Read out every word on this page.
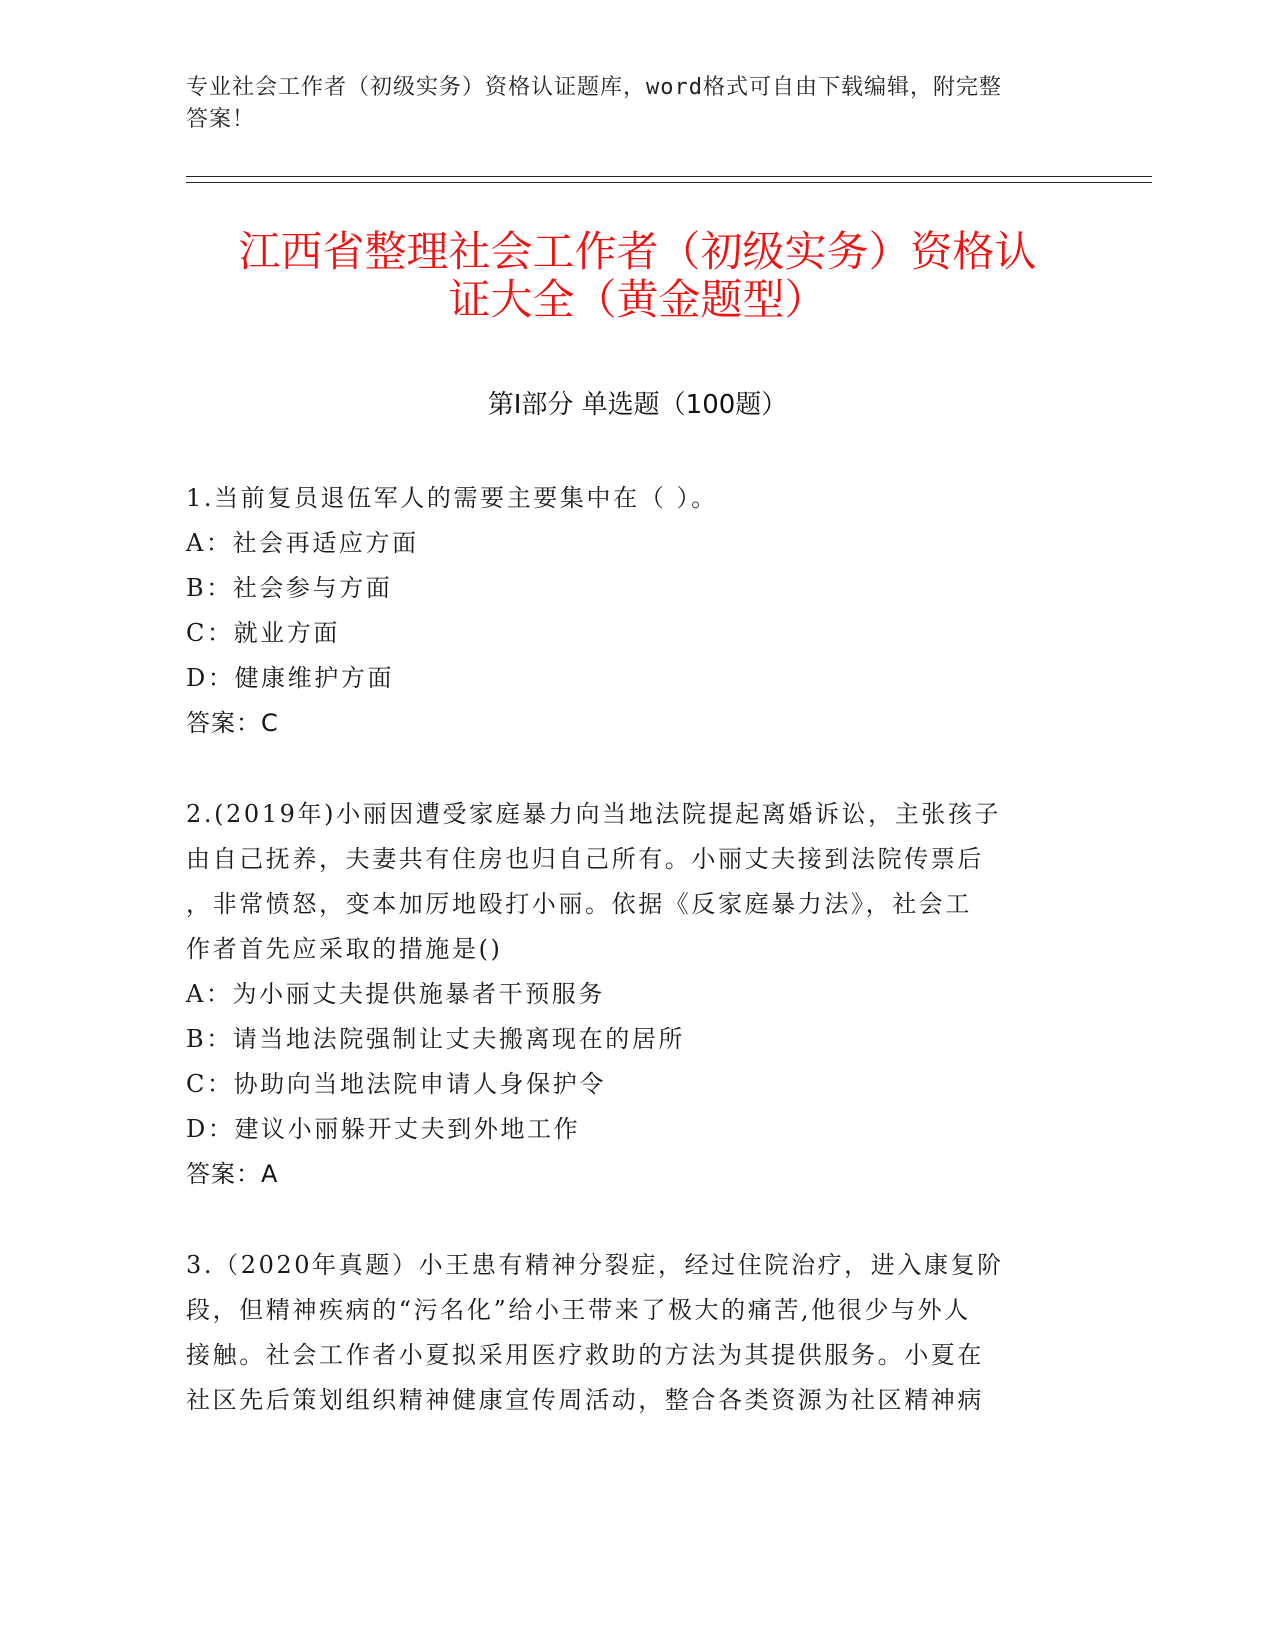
专业社会工作者（初级实务）资格认证题库，word格式可自由下载编辑，附完整
答案！
江西省整理社会工作者（初级实务）资格认
证大全（黄金题型）
第Ⅰ部分 单选题（100题）
1.当前复员退伍军人的需要主要集中在（ ）。
A：社会再适应方面
B：社会参与方面
C：就业方面
D：健康维护方面
答案：C
2.(2019年)小丽因遭受家庭暴力向当地法院提起离婚诉讼，主张孩子
由自己抚养，夫妻共有住房也归自己所有。小丽丈夫接到法院传票后
，非常愤怒，变本加厉地殴打小丽。依据《反家庭暴力法》，社会工
作者首先应采取的措施是()
A：为小丽丈夫提供施暴者干预服务
B：请当地法院强制让丈夫搬离现在的居所
C：协助向当地法院申请人身保护令
D：建议小丽躲开丈夫到外地工作
答案：A
3.（2020年真题）小王患有精神分裂症，经过住院治疗，进入康复阶
段，但精神疾病的“污名化”给小王带来了极大的痛苦,他很少与外人
接触。社会工作者小夏拟采用医疗救助的方法为其提供服务。小夏在
社区先后策划组织精神健康宣传周活动，整合各类资源为社区精神病
